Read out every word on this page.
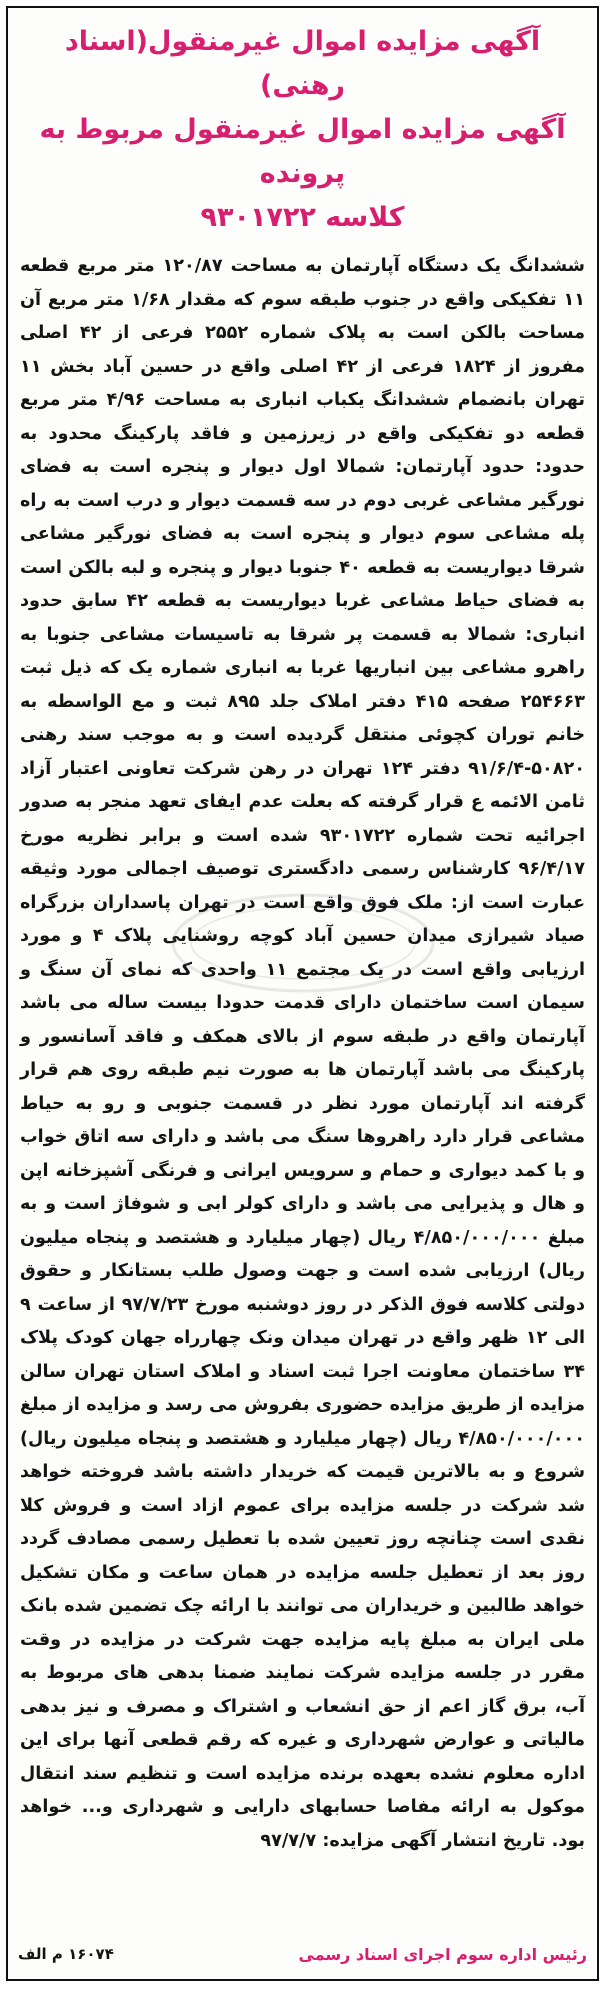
آگهی مزایده اموال غیرمنقول(اسناد رهنی)

آگهی مزایده اموال غیرمنقول مربوط به پرونده

کلاسه ۹۳۰۱۷۲۲

ششدانگ یک دستگاه آپارتمان به مساحت ۱۲۰/۸۷ متر مربع قطعه ۱۱ تفکیکی واقع در جنوب طبقه سوم که مقدار ۱/۶۸ متر مربع آن مساحت بالکن است به پلاک شماره ۲۵۵۲ فرعی از ۴۲ اصلی مفروز از ۱۸۲۴ فرعی از ۴۲ اصلی واقع در حسین آباد بخش ۱۱ تهران بانضمام ششدانگ یکباب انباری به مساحت ۴/۹۶ متر مربع قطعه دو تفکیکی واقع در زیرزمین و فاقد پارکینگ محدود به حدود: حدود آپارتمان: شمالا اول دیوار و پنجره است به فضای نورگیر مشاعی غربی دوم در سه قسمت دیوار و درب است به راه پله مشاعی سوم دیوار و پنجره است به فضای نورگیر مشاعی شرقا دیواریست به قطعه ۴۰ جنوبا دیوار و پنجره و لبه بالکن است به فضای حیاط مشاعی غربا دیواریست به قطعه ۴۲ سابق حدود انباری: شمالا به قسمت پر شرقا به تاسیسات مشاعی جنوبا به راهرو مشاعی بین انباریها غربا به انباری شماره یک که ذیل ثبت ۲۵۴۶۶۳ صفحه ۴۱۵ دفتر املاک جلد ۸۹۵ ثبت و مع الواسطه به خانم توران کچوئی منتقل گردیده است و به موجب سند رهنی ۵۰۸۲۰-۹۱/۶/۴ دفتر ۱۲۴ تهران در رهن شرکت تعاونی اعتبار آزاد ثامن الائمه ع قرار گرفته که بعلت عدم ایفای تعهد منجر به صدور اجرائیه تحت شماره ۹۳۰۱۷۲۲ شده است و برابر نظریه مورخ ۹۶/۴/۱۷ کارشناس رسمی دادگستری توصیف اجمالی مورد وثیقه عبارت است از: ملک فوق واقع است در تهران پاسداران بزرگراه صیاد شیرازی میدان حسین آباد کوچه روشنایی پلاک ۴ و مورد ارزیابی واقع است در یک مجتمع ۱۱ واحدی که نمای آن سنگ و سیمان است ساختمان دارای قدمت حدودا بیست ساله می باشد آپارتمان واقع در طبقه سوم از بالای همکف و فاقد آسانسور و پارکینگ می باشد آپارتمان ها به صورت نیم طبقه روی هم قرار گرفته اند آپارتمان مورد نظر در قسمت جنوبی و رو به حیاط مشاعی قرار دارد راهروها سنگ می باشد و دارای سه اتاق خواب و با کمد دیواری و حمام و سرویس ایرانی و فرنگی آشپزخانه اپن و هال و پذیرایی می باشد و دارای کولر ابی و شوفاژ است و به مبلغ ۴/۸۵۰/۰۰۰/۰۰۰ ریال (چهار میلیارد و هشتصد و پنجاه میلیون ریال) ارزیابی شده است و جهت وصول طلب بستانکار و حقوق دولتی کلاسه فوق الذکر در روز دوشنبه مورخ ۹۷/۷/۲۳ از ساعت ۹ الی ۱۲ ظهر واقع در تهران میدان ونک چهارراه جهان کودک پلاک ۳۴ ساختمان معاونت اجرا ثبت اسناد و املاک استان تهران سالن مزایده از طریق مزایده حضوری بفروش می رسد و مزایده از مبلغ ۴/۸۵۰/۰۰۰/۰۰۰ ریال (چهار میلیارد و هشتصد و پنجاه میلیون ریال) شروع و به بالاترین قیمت که خریدار داشته باشد فروخته خواهد شد شرکت در جلسه مزایده برای عموم ازاد است و فروش کلا نقدی است چنانچه روز تعیین شده با تعطیل رسمی مصادف گردد روز بعد از تعطیل جلسه مزایده در همان ساعت و مکان تشکیل خواهد طالبین و خریداران می توانند با ارائه چک تضمین شده بانک ملی ایران به مبلغ پایه مزایده جهت شرکت در مزایده در وقت مقرر در جلسه مزایده شرکت نمایند ضمنا بدهی های مربوط به آب، برق گاز اعم از حق انشعاب و اشتراک و مصرف و نیز بدهی مالیاتی و عوارض شهرداری و غیره که رقم قطعی آنها برای این اداره معلوم نشده بعهده برنده مزایده است و تنظیم سند انتقال موکول به ارائه مفاصا حسابهای دارایی و شهرداری و... خواهد بود. تاریخ انتشار آگهی مزایده: ۹۷/۷/۷

رئیس اداره سوم اجرای اسناد رسمی
۱۶۰۷۴ م الف
